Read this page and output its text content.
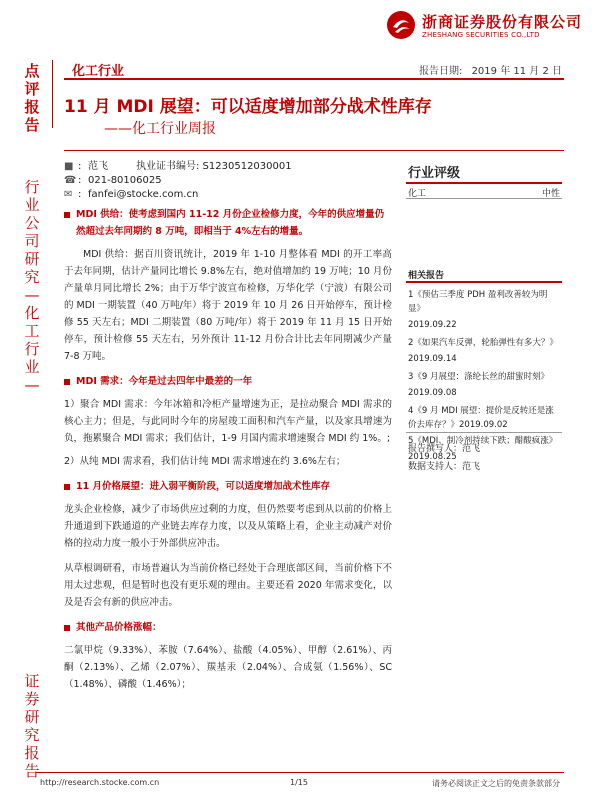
浙商证券股份有限公司
ZHESHANG SECURITIES CO.,LTD
点评报告
行业公司研究—化工行业—
证券研究报告
化工行业	报告日期: 2019 年 11 月 2 日
11 月 MDI 展望：可以适度增加部分战术性库存
——化工行业周报
■ : 范飞	执业证书编号: S1230512030001
☎ : 021-80106025
✉ : fanfei@stocke.com.cn
行业评级
化工	中性
相关报告
1《预估三季度 PDH 盈利改善较为明显》
2019.09.22
2《如果汽车反弹，轮胎弹性有多大？》
2019.09.14
3《9 月展望：涤纶长丝的甜蜜时刻》
2019.09.08
4《9 月 MDI 展望：提价是反转还是涨价去库存？》2019.09.02
5《MDI、制冷剂持续下跌；醋酸疯涨》
2019.08.25
报告撰写人：范飞
数据支持人：范飞
MDI 供给：使考虑到国内 11-12 月份企业检修力度，今年的供应增量仍然超过去年同期约 8 万吨，即相当于 4%左右的增量。
MDI 供给：据百川资讯统计，2019 年 1-10 月整体看 MDI 的开工率高于去年同期，估计产量同比增长 9.8%左右，绝对值增加约 19 万吨；10 月份产量单月同比增长 2%；由于万华宁波宣布检修，万华化学（宁波）有限公司的 MDI 一期装置（40 万吨/年）将于 2019 年 10 月 26 日开始停车，预计检修 55 天左右；MDI 二期装置（80 万吨/年）将于 2019 年 11 月 15 日开始停车，预计检修 55 天左右，另外预计 11-12 月份合计比去年同期减少产量 7-8 万吨。
MDI 需求：今年是过去四年中最差的一年
1）聚合 MDI 需求：今年冰箱和冷柜产量增速为正，是拉动聚合 MDI 需求的核心主力；但是，与此同时今年的房屋竣工面积和汽车产量，以及家具增速为负，拖累聚合 MDI 需求；我们估计，1-9 月国内需求增速聚合 MDI 约 1%。;
2）从纯 MDI 需求看，我们估计纯 MDI 需求增速在约 3.6%左右；
11 月价格展望：进入弱平衡阶段，可以适度增加战术性库存
龙头企业检修，减少了市场供应过剩的力度，但仍然要考虑到从以前的价格上升通道到下跌通道的产业链去库存力度，以及从策略上看，企业主动减产对价格的拉动力度一般小于外部供应冲击。
从草根调研看，市场普遍认为当前价格已经处于合理底部区间，当前价格下不用太过悲观，但是暂时也没有更乐观的理由。主要还看 2020 年需求变化，以及是否会有新的供应冲击。
其他产品价格涨幅：
二氯甲烷（9.33%）、苯胺（7.64%）、盐酸（4.05%）、甲醇（2.61%）、丙酮（2.13%）、乙烯（2.07%）、羰基汞（2.04%）、合成氨（1.56%）、SC（1.48%）、磷酸（1.46%）；
http://research.stocke.com.cn	1/15	请务必阅读正文之后的免责条款部分
